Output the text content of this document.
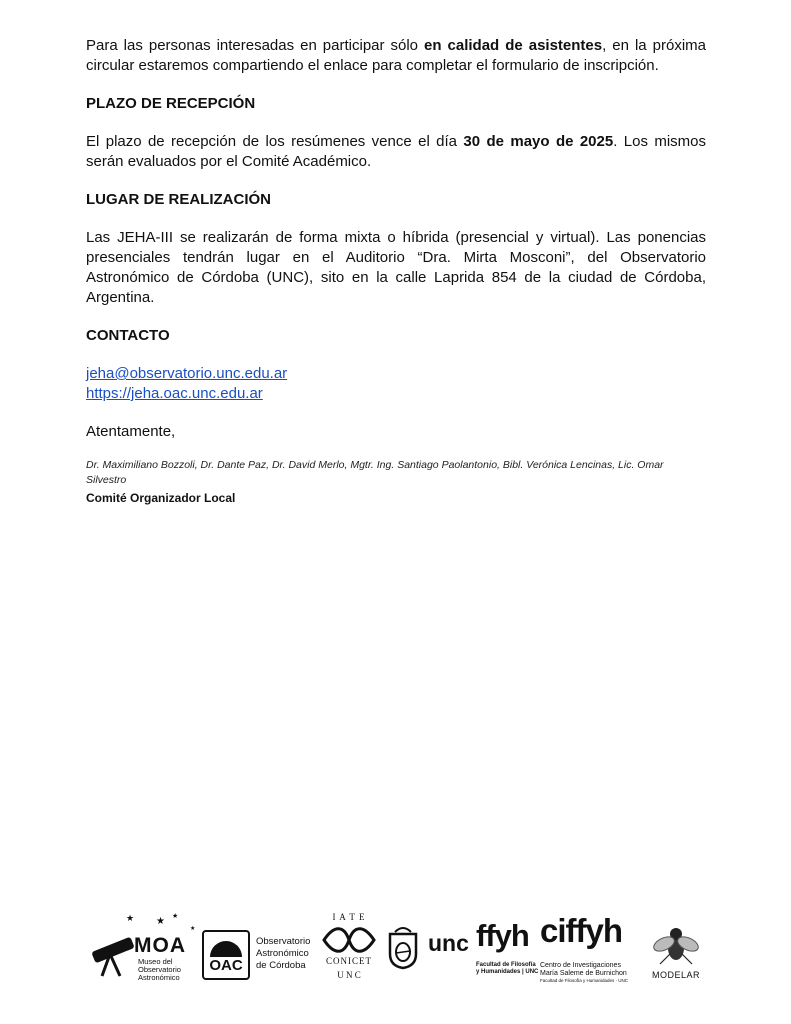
Para las personas interesadas en participar sólo en calidad de asistentes, en la próxima circular estaremos compartiendo el enlace para completar el formulario de inscripción.

PLAZO DE RECEPCIÓN

El plazo de recepción de los resúmenes vence el día 30 de mayo de 2025. Los mismos serán evaluados por el Comité Académico.

LUGAR DE REALIZACIÓN

Las JEHA-III se realizarán de forma mixta o híbrida (presencial y virtual). Las ponencias presenciales tendrán lugar en el Auditorio “Dra. Mirta Mosconi”, del Observatorio Astronómico de Córdoba (UNC), sito en la calle Laprida 854 de la ciudad de Córdoba, Argentina.

CONTACTO
jeha@observatorio.unc.edu.ar
https://jeha.oac.unc.edu.ar

Atentamente,

Dr. Maximiliano Bozzoli, Dr. Dante Paz, Dr. David Merlo, Mgtr. Ing. Santiago Paolantonio, Bibl. Verónica Lencinas, Lic. Omar Silvestro

Comité Organizador Local

★ ★ ★
★
MOA
Museo del
Observatorio
Astronómico
OAC
Observatorio
Astronómico
de Córdoba
I A T E
CONICET
U N C
unc ffyh
Facultad de Filosofía
y Humanidades | UNC
ciffyh
Centro de Investigaciones
María Saleme de Burnichon
Facultad de Filosofía y Humanidades · UNC
MODELAR
